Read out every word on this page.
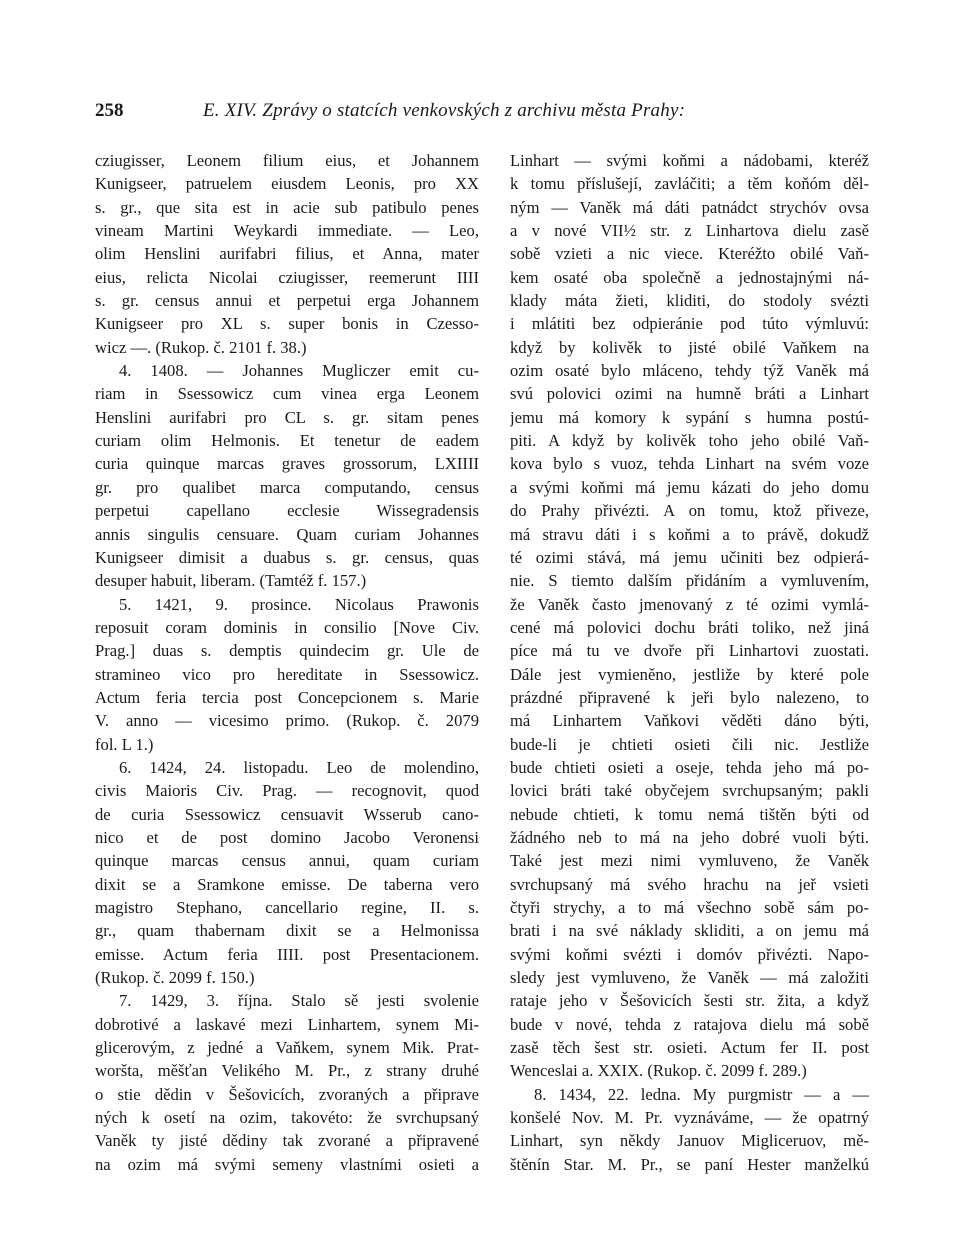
258	E. XIV. Zprávy o statcích venkovských z archivu města Prahy:

cziugisser, Leonem filium eius, et Johannem

Kunigseer, patruelem eiusdem Leonis, pro XX

s. gr., que sita est in acie sub patibulo penes

vineam Martini Weykardi immediate. — Leo,

olim Henslini aurifabri filius, et Anna, mater

eius, relicta Nicolai cziugisser, reemerunt IIII

s. gr. census annui et perpetui erga Johannem

Kunigseer pro XL s. super bonis in Czesso-

wicz —. (Rukop. č. 2101 f. 38.)

4. 1408. — Johannes Mugliczer emit cu-

riam in Ssessowicz cum vinea erga Leonem

Henslini aurifabri pro CL s. gr. sitam penes

curiam olim Helmonis. Et tenetur de eadem

curia quinque marcas graves grossorum, LXIIII

gr. pro qualibet marca computando, census

perpetui capellano ecclesie Wissegradensis

annis singulis censuare. Quam curiam Johannes

Kunigseer dimisit a duabus s. gr. census, quas

desuper habuit, liberam. (Tamtéž f. 157.)

5. 1421, 9. prosince. Nicolaus Prawonis

reposuit coram dominis in consilio [Nove Civ.

Prag.] duas s. demptis quindecim gr. Ule de

stramineo vico pro hereditate in Ssessowicz.

Actum feria tercia post Concepcionem s. Marie

V. anno — vicesimo primo. (Rukop. č. 2079

fol. L 1.)

6. 1424, 24. listopadu. Leo de molendino,

civis Maioris Civ. Prag. — recognovit, quod

de curia Ssessowicz censuavit Wsserub cano-

nico et de post domino Jacobo Veronensi

quinque marcas census annui, quam curiam

dixit se a Sramkone emisse. De taberna vero

magistro Stephano, cancellario regine, II. s.

gr., quam thabernam dixit se a Helmonissa

emisse. Actum feria IIII. post Presentacionem.

(Rukop. č. 2099 f. 150.)

7. 1429, 3. října. Stalo sě jesti svolenie

dobrotivé a laskavé mezi Linhartem, synem Mi-

glicerovým, z jedné a Vaňkem, synem Mik. Prat-

woršta, měšťan Velikého M. Pr., z strany druhé

o stie dědin v Šešovicích, zvoraných a připrave

ných k osetí na ozim, takovéto: že svrchupsaný

Vaněk ty jisté dědiny tak zvorané a připravené

na ozim má svými semeny vlastními osieti a

Linhart — svými koňmi a nádobami, kteréž

k tomu příslušejí, zavláčiti; a těm koňóm děl-

ným — Vaněk má dáti patnádct strychóv ovsa

a v nové VII½ str. z Linhartova dielu zasě

sobě vzieti a nic viece. Kteréžto obilé Vaň-

kem osaté oba společně a jednostajnými ná-

klady máta žieti, kliditi, do stodoly svézti

i mlátiti bez odpieránie pod túto výmluvú:

když by kolivěk to jisté obilé Vaňkem na

ozim osaté bylo mláceno, tehdy týž Vaněk má

svú polovici ozimi na humně bráti a Linhart

jemu má komory k sypání s humna postú-

piti. A když by kolivěk toho jeho obilé Vaň-

kova bylo s vuoz, tehda Linhart na svém voze

a svými koňmi má jemu kázati do jeho domu

do Prahy přivézti. A on tomu, ktož přiveze,

má stravu dáti i s koňmi a to právě, dokudž

té ozimi stává, má jemu učiniti bez odpierá-

nie. S tiemto dalším přidáním a vymluvením,

že Vaněk často jmenovaný z té ozimi vymlá-

cené má polovici dochu bráti toliko, než jiná

píce má tu ve dvoře při Linhartovi zuostati.

Dále jest vymieněno, jestliže by které pole

prázdné připravené k jeři bylo nalezeno, to

má Linhartem Vaňkovi věděti dáno býti,

bude-li je chtieti osieti čili nic. Jestliže

bude chtieti osieti a oseje, tehda jeho má po-

lovici bráti také obyčejem svrchupsaným; pakli

nebude chtieti, k tomu nemá tištěn býti od

žádného neb to má na jeho dobré vuoli býti.

Také jest mezi nimi vymluveno, že Vaněk

svrchupsaný má svého hrachu na jeř vsieti

čtyři strychy, a to má všechno sobě sám po-

brati i na své náklady skliditi, a on jemu má

svými koňmi svézti i domóv přivézti. Napo-

sledy jest vymluveno, že Vaněk — má založiti

rataje jeho v Šešovicích šesti str. žita, a když

bude v nové, tehda z ratajova dielu má sobě

zasě těch šest str. osieti. Actum fer II. post

Wenceslai a. XXIX. (Rukop. č. 2099 f. 289.)

8. 1434, 22. ledna. My purgmistr — a —

konšelé Nov. M. Pr. vyznáváme, — že opatrný

Linhart, syn někdy Januov Migliceruov, mě-

štěnín Star. M. Pr., se paní Hester manželkú
